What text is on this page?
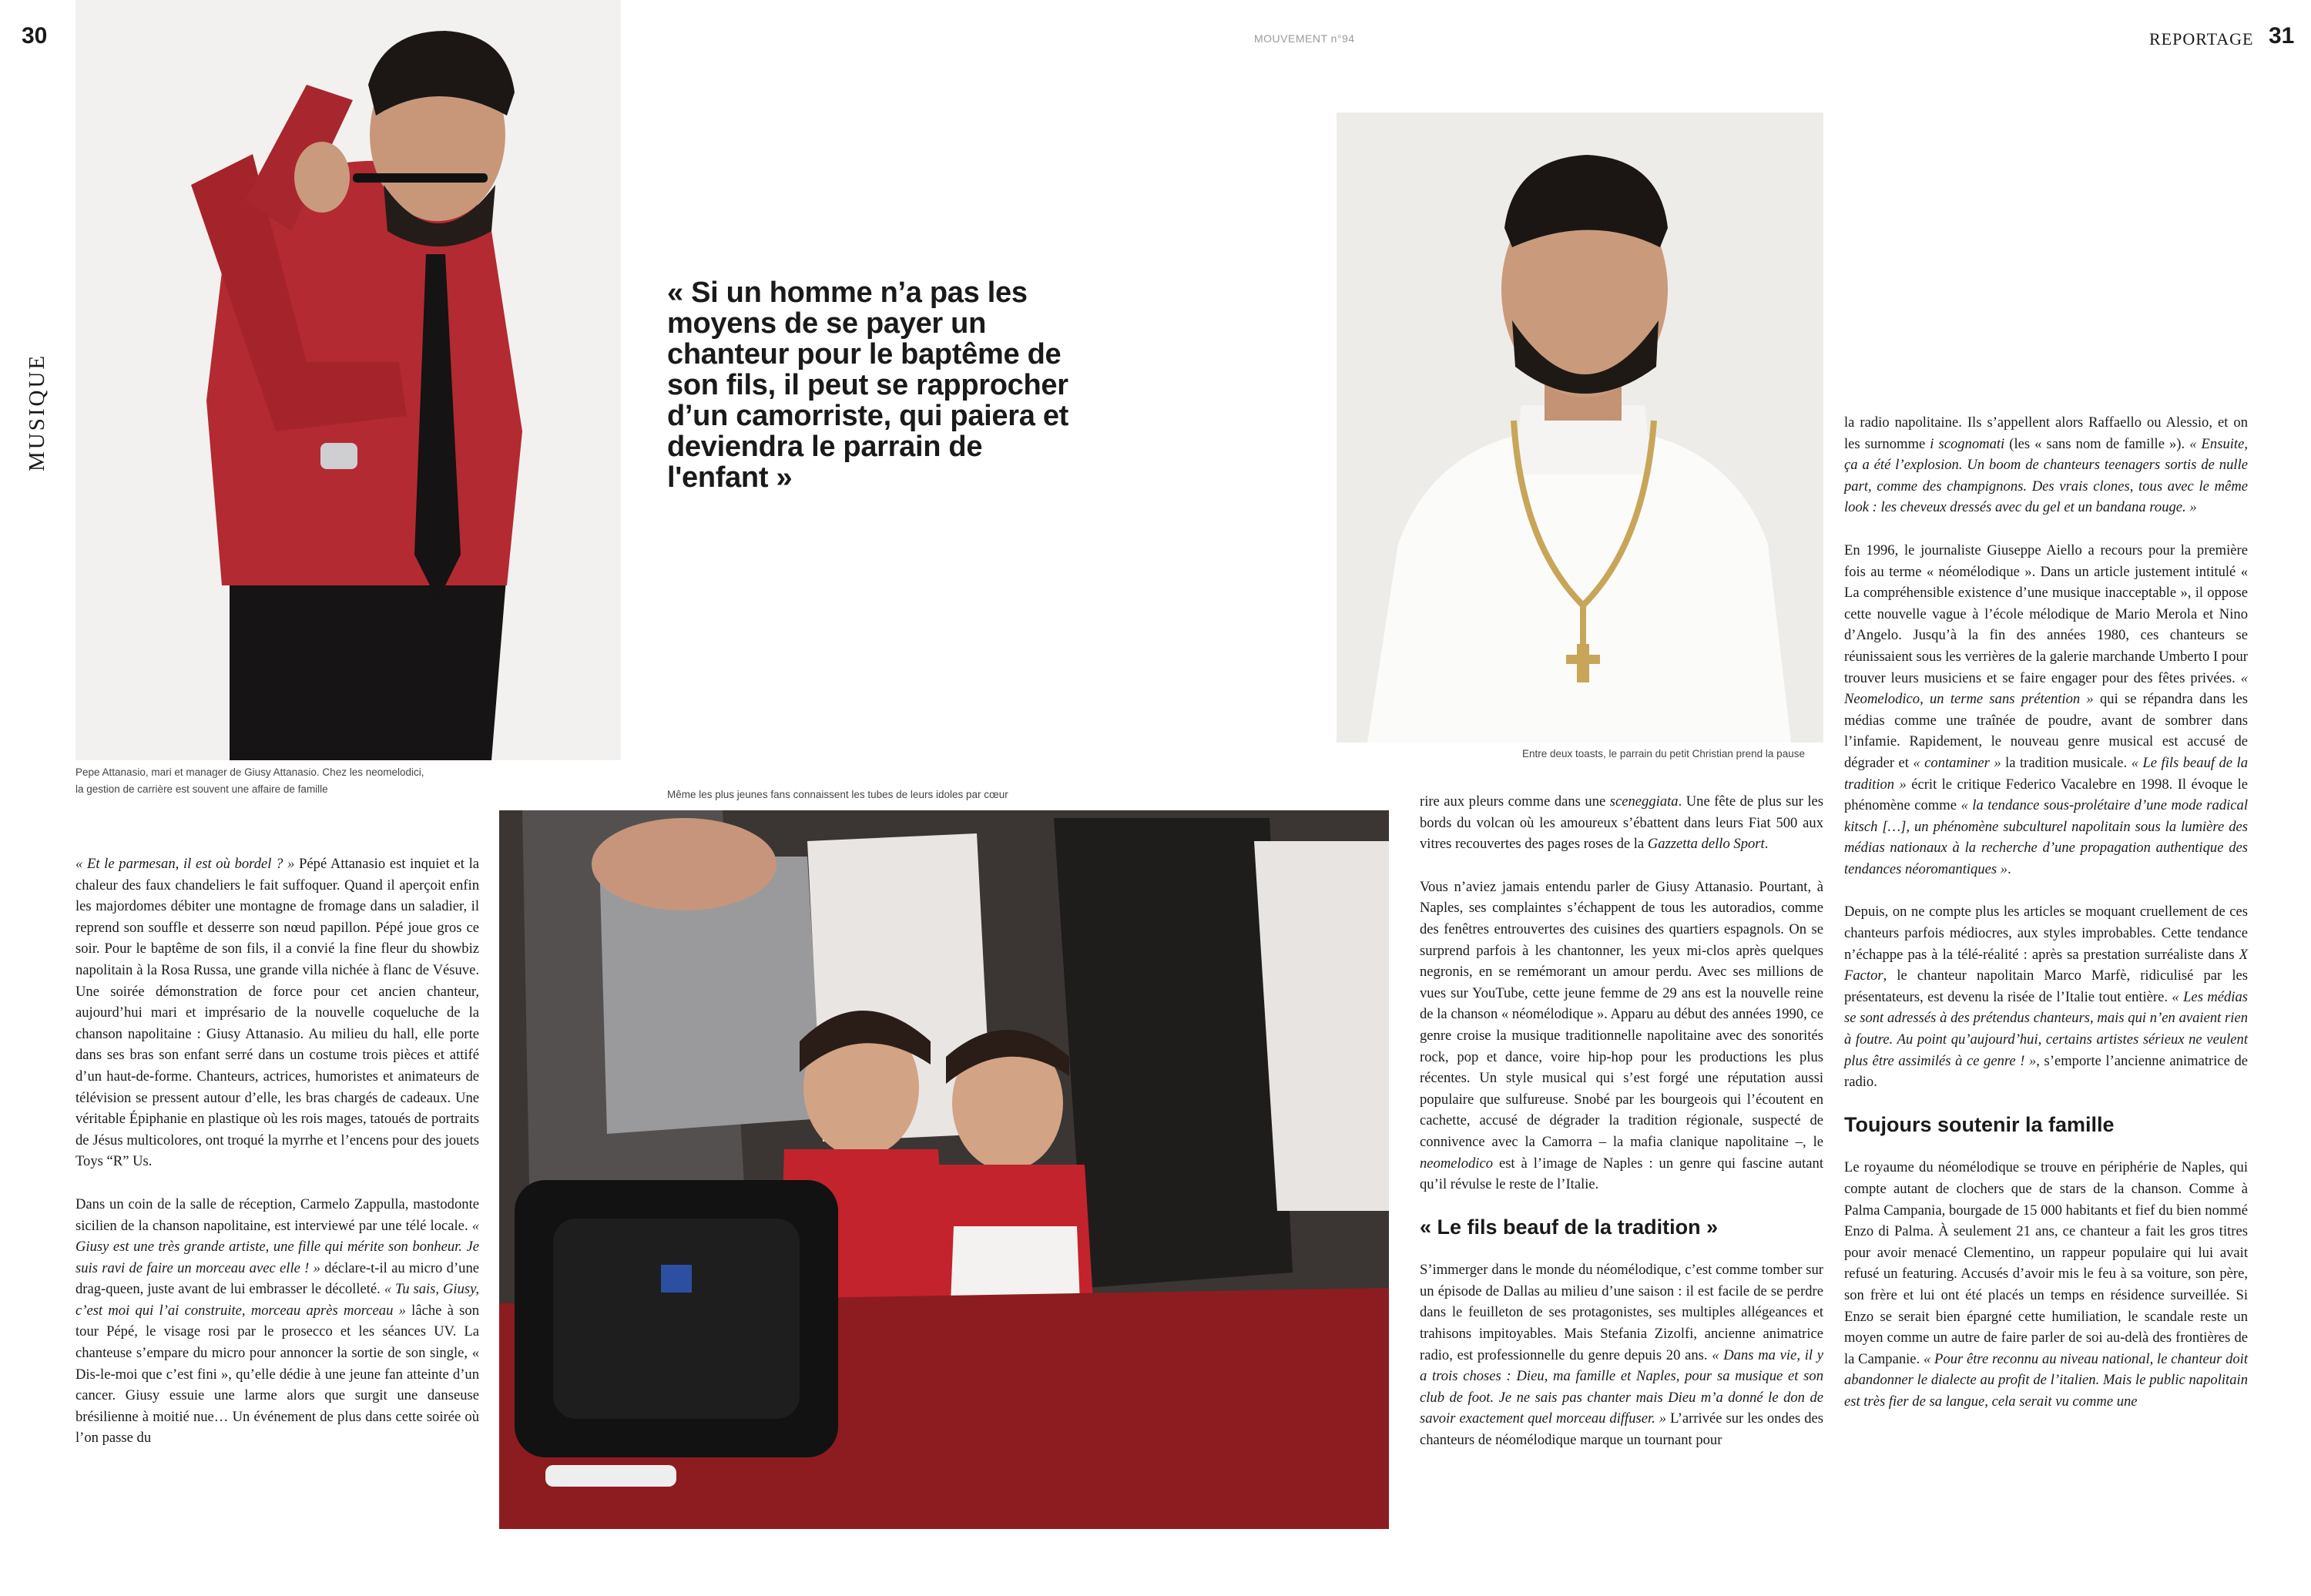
30	MOUVEMENT n°94
MUSIQUE
Pepe Attanasio, mari et manager de Giusy Attanasio. Chez les neomelodici,
la gestion de carrière est souvent une affaire de famille
« Si un homme n’a pas les moyens de se payer un chanteur pour le baptême de son fils, il peut se rapprocher d’un camorriste, qui paiera et deviendra le parrain de l'enfant »
Même les plus jeunes fans connaissent les tubes de leurs idoles par cœur

« Et le parmesan, il est où bordel ? » Pépé Attanasio est inquiet et la chaleur des faux chandeliers le fait suffoquer. Quand il aperçoit enfin les majordomes débiter une montagne de fromage dans un saladier, il reprend son souffle et desserre son nœud papillon. Pépé joue gros ce soir. Pour le baptême de son fils, il a convié la fine fleur du showbiz napolitain à la Rosa Russa, une grande villa nichée à flanc de Vésuve. Une soirée démonstration de force pour cet ancien chanteur, aujourd’hui mari et imprésario de la nouvelle coqueluche de la chanson napolitaine : Giusy Attanasio. Au milieu du hall, elle porte dans ses bras son enfant serré dans un costume trois pièces et attifé d’un haut-de-forme. Chanteurs, actrices, humoristes et animateurs de télévision se pressent autour d’elle, les bras chargés de cadeaux. Une véritable Épiphanie en plastique où les rois mages, tatoués de portraits de Jésus multicolores, ont troqué la myrrhe et l’encens pour des jouets Toys “R” Us.

Dans un coin de la salle de réception, Carmelo Zappulla, mastodonte sicilien de la chanson napolitaine, est interviewé par une télé locale. « Giusy est une très grande artiste, une fille qui mérite son bonheur. Je suis ravi de faire un morceau avec elle ! » déclare-t-il au micro d’une drag-queen, juste avant de lui embrasser le décolleté. « Tu sais, Giusy, c’est moi qui l’ai construite, morceau après morceau » lâche à son tour Pépé, le visage rosi par le prosecco et les séances UV. La chanteuse s’empare du micro pour annoncer la sortie de son single, « Dis-le-moi que c’est fini », qu’elle dédie à une jeune fan atteinte d’un cancer. Giusy essuie une larme alors que surgit une danseuse brésilienne à moitié nue… Un événement de plus dans cette soirée où l’on passe du

REPORTAGE 31
Entre deux toasts, le parrain du petit Christian prend la pause

rire aux pleurs comme dans une sceneggiata. Une fête de plus sur les bords du volcan où les amoureux s’ébattent dans leurs Fiat 500 aux vitres recouvertes des pages roses de la Gazzetta dello Sport.

Vous n’aviez jamais entendu parler de Giusy Attanasio. Pourtant, à Naples, ses complaintes s’échappent de tous les autoradios, comme des fenêtres entrouvertes des cuisines des quartiers espagnols. On se surprend parfois à les chantonner, les yeux mi-clos après quelques negronis, en se remémorant un amour perdu. Avec ses millions de vues sur YouTube, cette jeune femme de 29 ans est la nouvelle reine de la chanson « néomélodique ». Apparu au début des années 1990, ce genre croise la musique traditionnelle napolitaine avec des sonorités rock, pop et dance, voire hip-hop pour les productions les plus récentes. Un style musical qui s’est forgé une réputation aussi populaire que sulfureuse. Snobé par les bourgeois qui l’écoutent en cachette, accusé de dégrader la tradition régionale, suspecté de connivence avec la Camorra – la mafia clanique napolitaine –, le neomelodico est à l’image de Naples : un genre qui fascine autant qu’il révulse le reste de l’Italie.

« Le fils beauf de la tradition »

S’immerger dans le monde du néomélodique, c’est comme tomber sur un épisode de Dallas au milieu d’une saison : il est facile de se perdre dans le feuilleton de ses protagonistes, ses multiples allégeances et trahisons impitoyables. Mais Stefania Zizolfi, ancienne animatrice radio, est professionnelle du genre depuis 20 ans. « Dans ma vie, il y a trois choses : Dieu, ma famille et Naples, pour sa musique et son club de foot. Je ne sais pas chanter mais Dieu m’a donné le don de savoir exactement quel morceau diffuser. » L’arrivée sur les ondes des chanteurs de néomélodique marque un tournant pour

la radio napolitaine. Ils s’appellent alors Raffaello ou Alessio, et on les surnomme i scognomati (les « sans nom de famille »). « Ensuite, ça a été l’explosion. Un boom de chanteurs teenagers sortis de nulle part, comme des champignons. Des vrais clones, tous avec le même look : les cheveux dressés avec du gel et un bandana rouge. »

En 1996, le journaliste Giuseppe Aiello a recours pour la première fois au terme « néomélodique ». Dans un article justement intitulé « La compréhensible existence d’une musique inacceptable », il oppose cette nouvelle vague à l’école mélodique de Mario Merola et Nino d’Angelo. Jusqu’à la fin des années 1980, ces chanteurs se réunissaient sous les verrières de la galerie marchande Umberto I pour trouver leurs musiciens et se faire engager pour des fêtes privées. « Neomelodico, un terme sans prétention » qui se répandra dans les médias comme une traînée de poudre, avant de sombrer dans l’infamie. Rapidement, le nouveau genre musical est accusé de dégrader et « contaminer » la tradition musicale. « Le fils beauf de la tradition » écrit le critique Federico Vacalebre en 1998. Il évoque le phénomène comme « la tendance sous-prolétaire d’une mode radical kitsch […], un phénomène subculturel napolitain sous la lumière des médias nationaux à la recherche d’une propagation authentique des tendances néoromantiques ».

Depuis, on ne compte plus les articles se moquant cruellement de ces chanteurs parfois médiocres, aux styles improbables. Cette tendance n’échappe pas à la télé-réalité : après sa prestation surréaliste dans X Factor, le chanteur napolitain Marco Marfè, ridiculisé par les présentateurs, est devenu la risée de l’Italie tout entière. « Les médias se sont adressés à des prétendus chanteurs, mais qui n’en avaient rien à foutre. Au point qu’aujourd’hui, certains artistes sérieux ne veulent plus être assimilés à ce genre ! », s’emporte l’ancienne animatrice de radio.

Toujours soutenir la famille

Le royaume du néomélodique se trouve en périphérie de Naples, qui compte autant de clochers que de stars de la chanson. Comme à Palma Campania, bourgade de 15 000 habitants et fief du bien nommé Enzo di Palma. À seulement 21 ans, ce chanteur a fait les gros titres pour avoir menacé Clementino, un rappeur populaire qui lui avait refusé un featuring. Accusés d’avoir mis le feu à sa voiture, son père, son frère et lui ont été placés un temps en résidence surveillée. Si Enzo se serait bien épargné cette humiliation, le scandale reste un moyen comme un autre de faire parler de soi au-delà des frontières de la Campanie. « Pour être reconnu au niveau national, le chanteur doit abandonner le dialecte au profit de l’italien. Mais le public napolitain est très fier de sa langue, cela serait vu comme une
